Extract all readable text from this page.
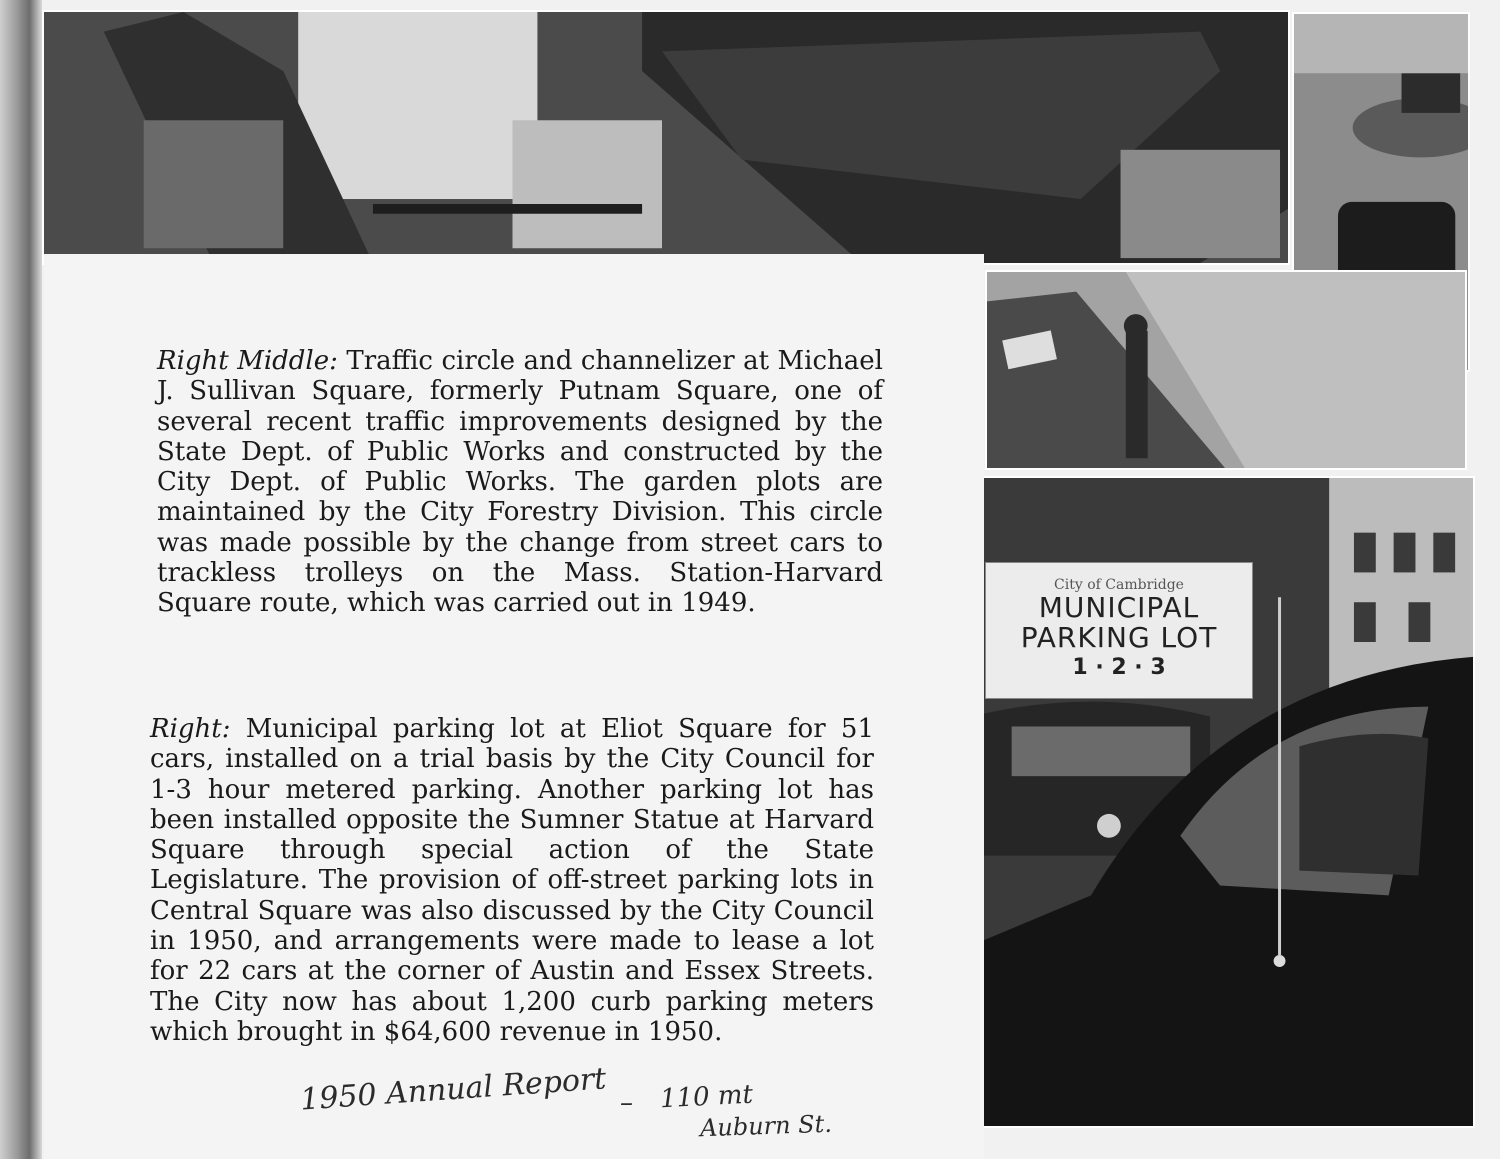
City of Cambridge
MUNICIPAL
PARKING LOT
1 · 2 · 3

Right Middle: Traffic circle and channelizer at Michael J. Sullivan Square, formerly Putnam Square, one of several recent traffic improvements designed by the State Dept. of Public Works and constructed by the City Dept. of Public Works. The garden plots are maintained by the City Forestry Division. This circle was made possible by the change from street cars to trackless trolleys on the Mass. Station-Harvard Square route, which was carried out in 1949.

Right: Municipal parking lot at Eliot Square for 51 cars, installed on a trial basis by the City Council for 1-3 hour metered parking. Another parking lot has been installed opposite the Sumner Statue at Harvard Square through special action of the State Legislature. The provision of off-street parking lots in Central Square was also discussed by the City Council in 1950, and arrangements were made to lease a lot for 22 cars at the corner of Austin and Essex Streets. The City now has about 1,200 curb parking meters which brought in $64,600 revenue in 1950.

1950 Annual Report – 110 mt
Auburn St.
